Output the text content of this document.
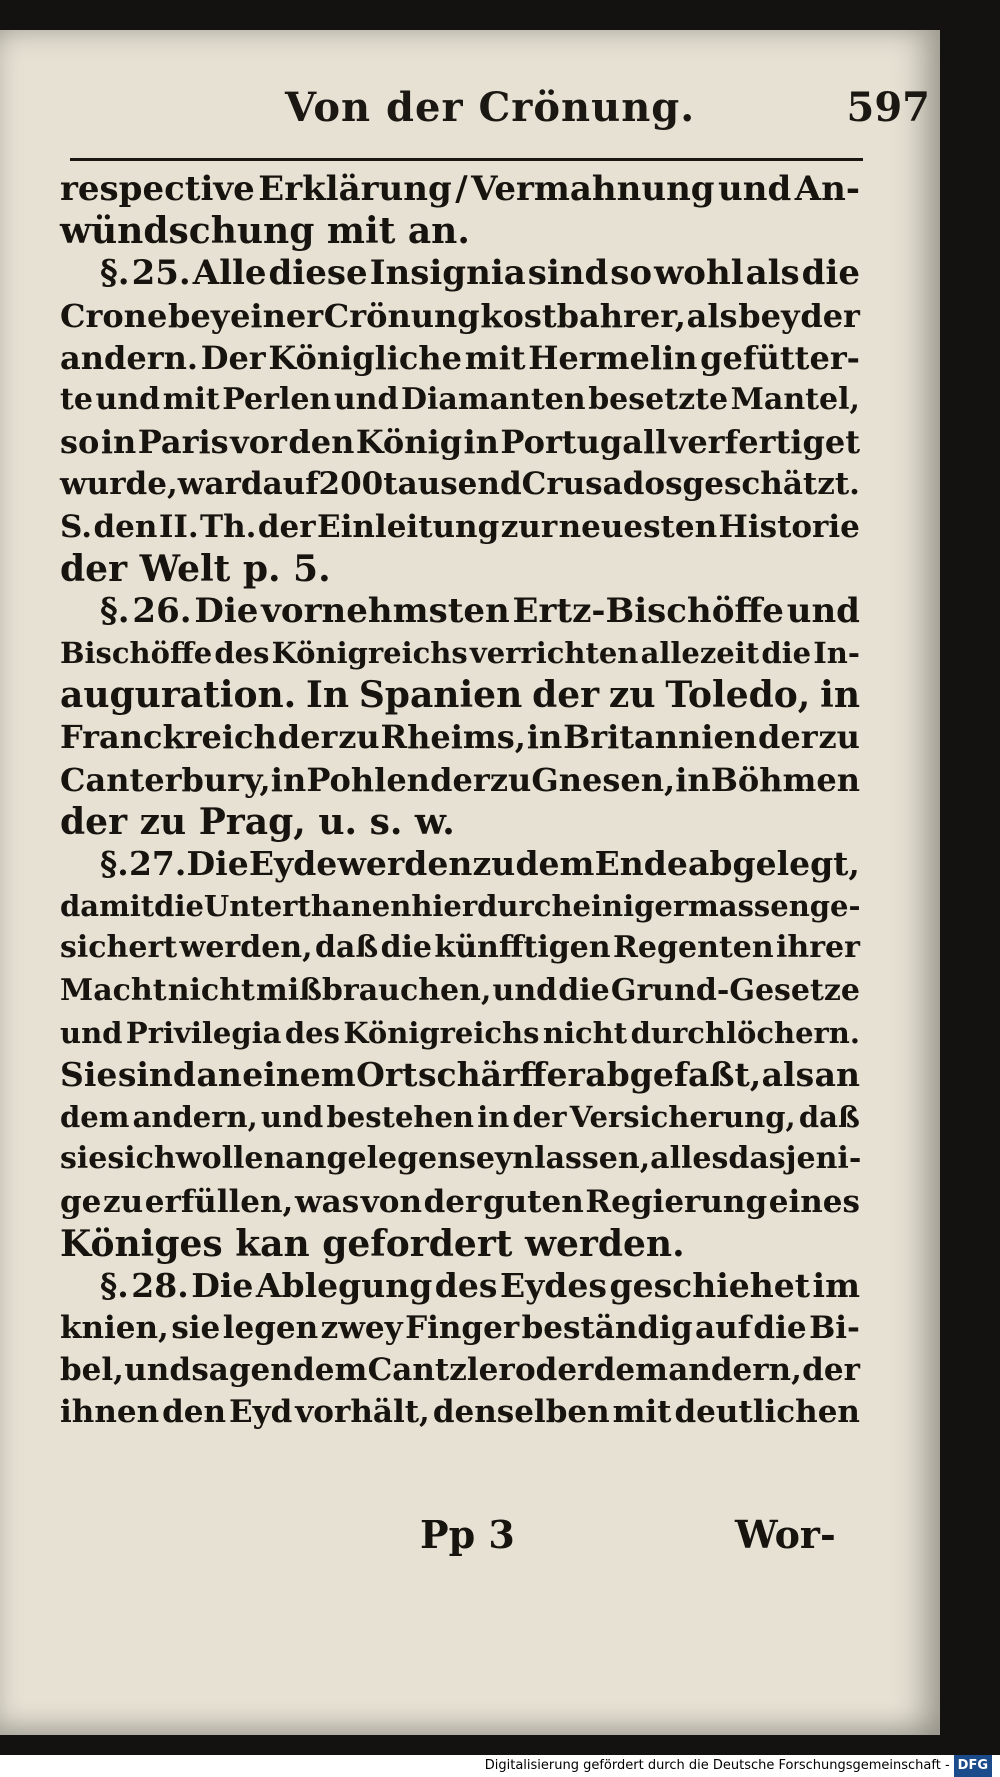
Von der Crönung.	597
respective Erklärung / Vermahnung und An-
wündschung mit an.
§. 25. Alle diese Insignia sind so wohl als die
Crone bey einer Crönung kostbahrer, als bey der
andern. Der Königliche mit Hermelin gefütter-
te und mit Perlen und Diamanten besetzte Mantel,
so in Paris vor den König in Portugall verfertiget
wurde, ward auf 200 tausend Crusados geschätzt.
S. den II. Th. der Einleitung zur neuesten Historie
der Welt p. 5.
§. 26. Die vornehmsten Ertz-Bischöffe und
Bischöffe des Königreichs verrichten allezeit die In-
auguration. In Spanien der zu Toledo, in
Franckreich der zu Rheims, in Britannien der zu
Canterbury, in Pohlen der zu Gnesen, in Böhmen
der zu Prag, u. s. w.
§. 27. Die Eyde werden zu dem Ende abgelegt,
damit die Unterthanen hierdurch einiger massen ge-
sichert werden, daß die künfftigen Regenten ihrer
Macht nicht mißbrauchen, und die Grund-Gesetze
und Privilegia des Königreichs nicht durchlöchern.
Sie sind an einem Ort schärffer abgefaßt, als an
dem andern, und bestehen in der Versicherung, daß
sie sich wollen angelegen seyn lassen, alles dasjeni-
ge zu erfüllen, was von der guten Regierung eines
Königes kan gefordert werden.
§. 28. Die Ablegung des Eydes geschiehet im
knien, sie legen zwey Finger beständig auf die Bi-
bel, und sagen dem Cantzler oder dem andern, der
ihnen den Eyd vorhält, denselben mit deutlichen
Pp 3	Wor-
Digitalisierung gefördert durch die Deutsche Forschungsgemeinschaft - DFG
